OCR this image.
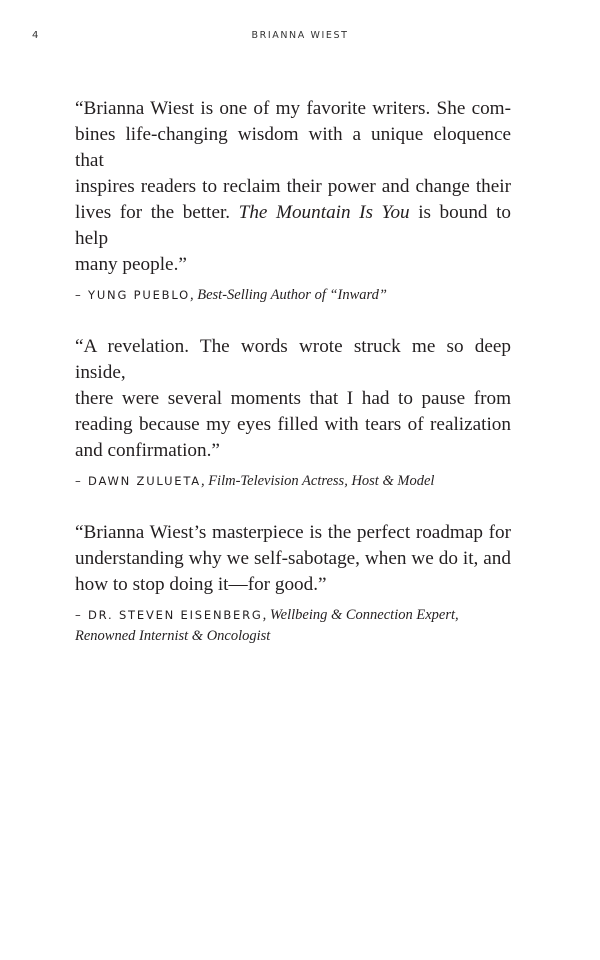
4	BRIANNA WIEST

“Brianna Wiest is one of my favorite writers. She com-
bines life-changing wisdom with a unique eloquence that
inspires readers to reclaim their power and change their
lives for the better. The Mountain Is You is bound to help
many people.”

– YUNG PUEBLO, Best-Selling Author of “Inward”

“A revelation. The words wrote struck me so deep inside,
there were several moments that I had to pause from
reading because my eyes filled with tears of realization
and confirmation.”

– DAWN ZULUETA, Film-Television Actress, Host & Model

“Brianna Wiest’s masterpiece is the perfect roadmap for
understanding why we self-sabotage, when we do it, and
how to stop doing it—for good.”

– DR. STEVEN EISENBERG, Wellbeing & Connection Expert,
Renowned Internist & Oncologist
